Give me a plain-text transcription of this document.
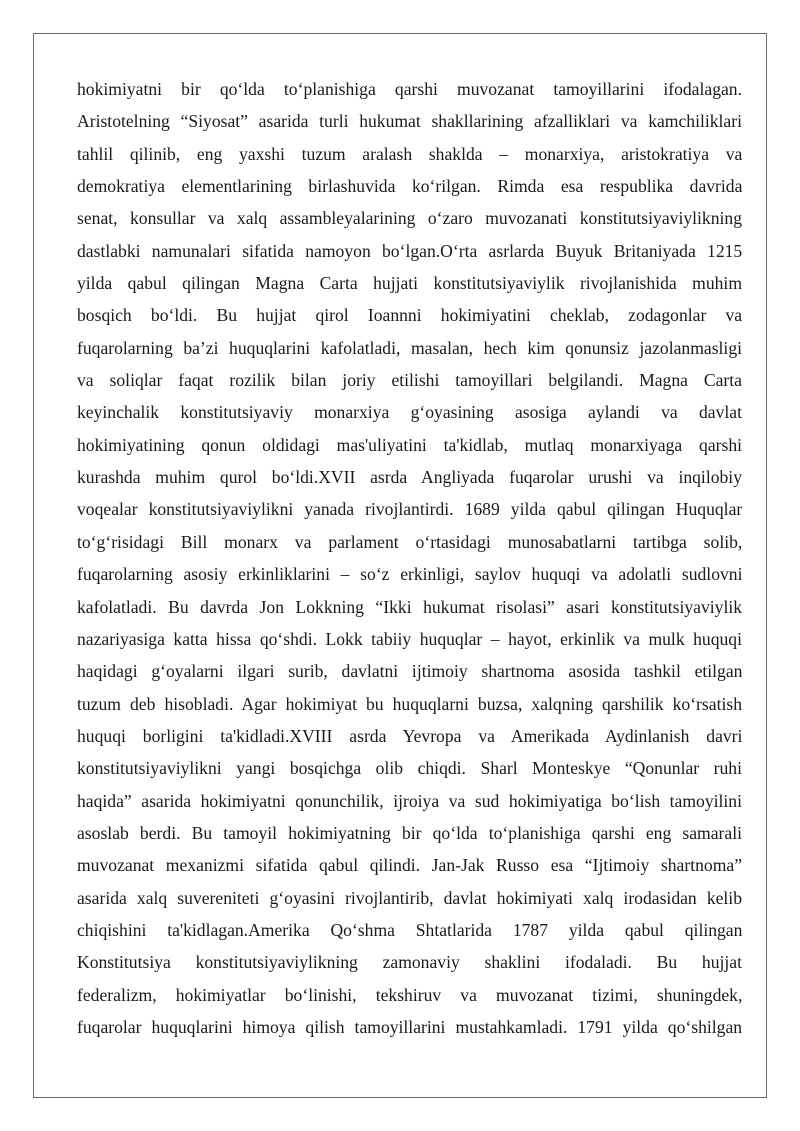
hokimiyatni bir qo‘lda to‘planishiga qarshi muvozanat tamoyillarini ifodalagan.
Aristotelning “Siyosat” asarida turli hukumat shakllarining afzalliklari va kamchiliklari
tahlil qilinib, eng yaxshi tuzum aralash shaklda – monarxiya, aristokratiya va
demokratiya elementlarining birlashuvida ko‘rilgan. Rimda esa respublika davrida
senat, konsullar va xalq assambleyalarining o‘zaro muvozanati konstitutsiyaviylikning
dastlabki namunalari sifatida namoyon bo‘lgan.O‘rta asrlarda Buyuk Britaniyada 1215
yilda qabul qilingan Magna Carta hujjati konstitutsiyaviylik rivojlanishida muhim
bosqich bo‘ldi. Bu hujjat qirol Ioannni hokimiyatini cheklab, zodagonlar va
fuqarolarning ba’zi huquqlarini kafolatladi, masalan, hech kim qonunsiz jazolanmasligi
va soliqlar faqat rozilik bilan joriy etilishi tamoyillari belgilandi. Magna Carta
keyinchalik konstitutsiyaviy monarxiya g‘oyasining asosiga aylandi va davlat
hokimiyatining qonun oldidagi mas'uliyatini ta'kidlab, mutlaq monarxiyaga qarshi
kurashda muhim qurol bo‘ldi.XVII asrda Angliyada fuqarolar urushi va inqilobiy
voqealar konstitutsiyaviylikni yanada rivojlantirdi. 1689 yilda qabul qilingan Huquqlar
to‘g‘risidagi Bill monarx va parlament o‘rtasidagi munosabatlarni tartibga solib,
fuqarolarning asosiy erkinliklarini – so‘z erkinligi, saylov huquqi va adolatli sudlovni
kafolatladi. Bu davrda Jon Lokkning “Ikki hukumat risolasi” asari konstitutsiyaviylik
nazariyasiga katta hissa qo‘shdi. Lokk tabiiy huquqlar – hayot, erkinlik va mulk huquqi
haqidagi g‘oyalarni ilgari surib, davlatni ijtimoiy shartnoma asosida tashkil etilgan
tuzum deb hisobladi. Agar hokimiyat bu huquqlarni buzsa, xalqning qarshilik ko‘rsatish
huquqi borligini ta'kidladi.XVIII asrda Yevropa va Amerikada Aydinlanish davri
konstitutsiyaviylikni yangi bosqichga olib chiqdi. Sharl Monteskye “Qonunlar ruhi
haqida” asarida hokimiyatni qonunchilik, ijroiya va sud hokimiyatiga bo‘lish tamoyilini
asoslab berdi. Bu tamoyil hokimiyatning bir qo‘lda to‘planishiga qarshi eng samarali
muvozanat mexanizmi sifatida qabul qilindi. Jan-Jak Russo esa “Ijtimoiy shartnoma”
asarida xalq suvereniteti g‘oyasini rivojlantirib, davlat hokimiyati xalq irodasidan kelib
chiqishini ta'kidlagan.Amerika Qo‘shma Shtatlarida 1787 yilda qabul qilingan
Konstitutsiya konstitutsiyaviylikning zamonaviy shaklini ifodaladi. Bu hujjat
federalizm, hokimiyatlar bo‘linishi, tekshiruv va muvozanat tizimi, shuningdek,
fuqarolar huquqlarini himoya qilish tamoyillarini mustahkamladi. 1791 yilda qo‘shilgan
